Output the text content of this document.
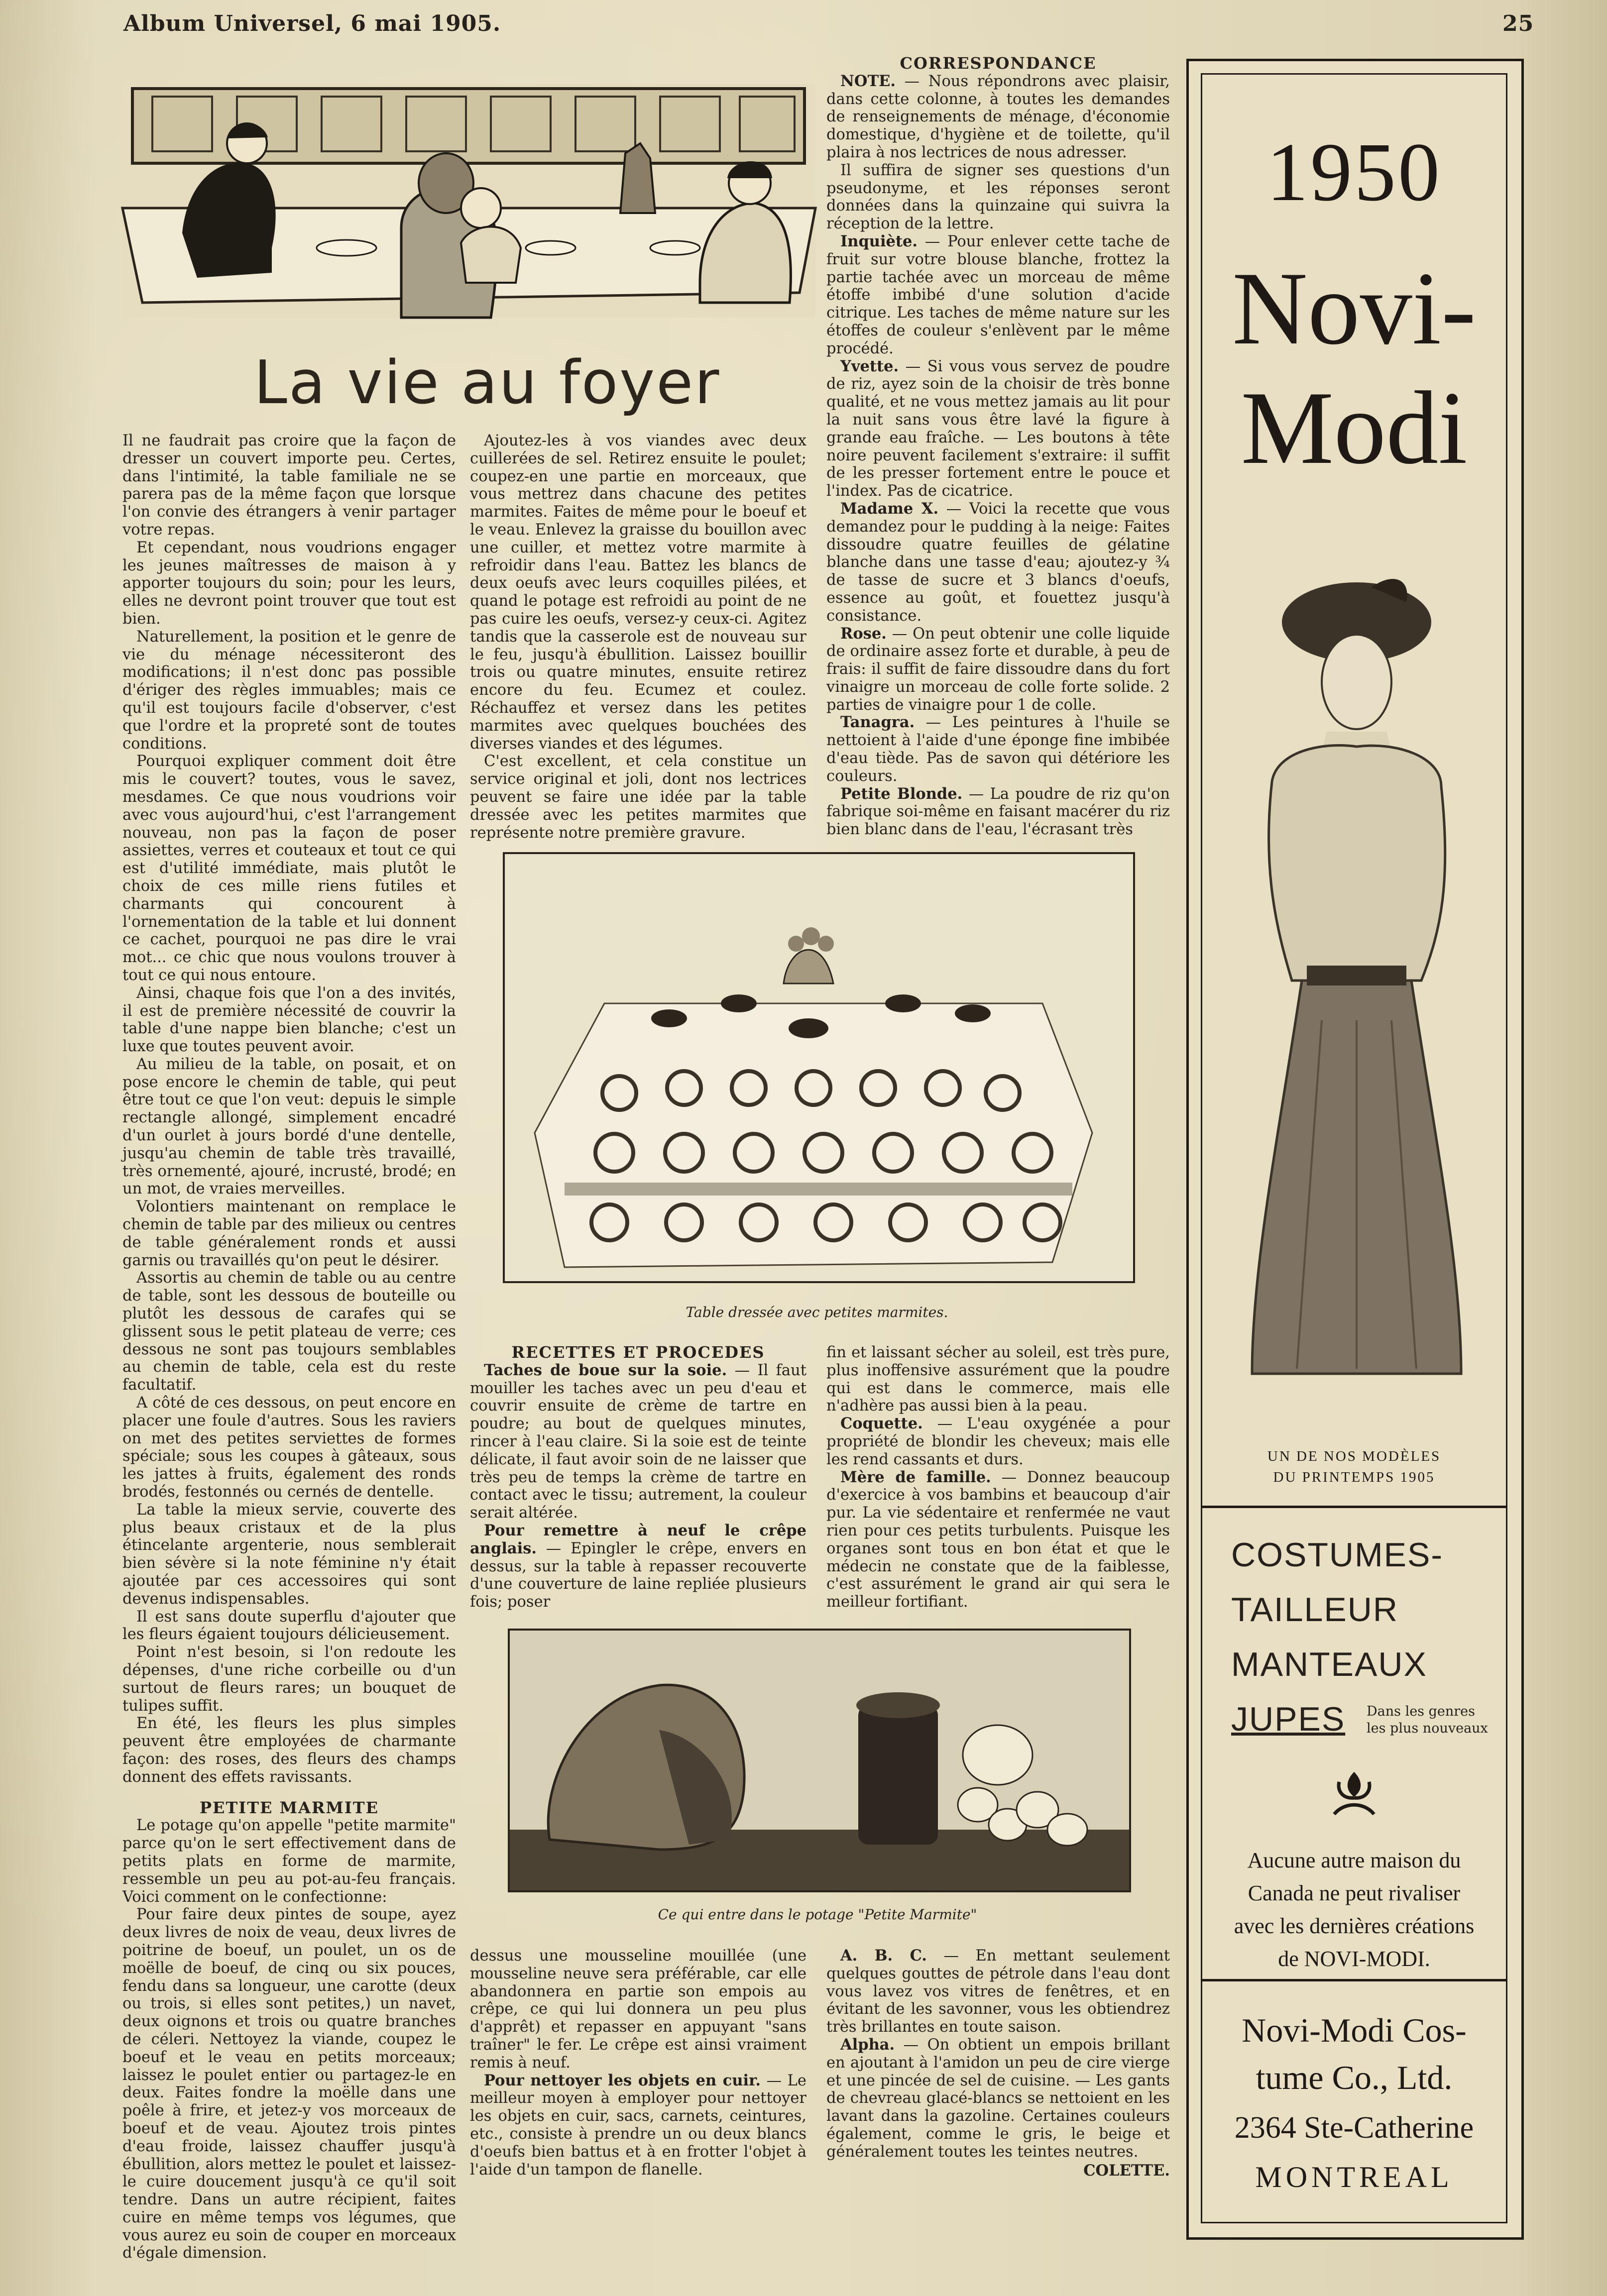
Album Universel, 6 mai 1905.	25
La vie au foyer

Il ne faudrait pas croire que la façon de dresser un couvert importe peu. Certes, dans l'intimité, la table familiale ne se parera pas de la même façon que lorsque l'on convie des étrangers à venir partager votre repas.

Et cependant, nous voudrions engager les jeunes maîtresses de maison à y apporter toujours du soin; pour les leurs, elles ne devront point trouver que tout est bien.

Naturellement, la position et le genre de vie du ménage nécessiteront des modifications; il n'est donc pas possible d'ériger des règles immuables; mais ce qu'il est toujours facile d'observer, c'est que l'ordre et la propreté sont de toutes conditions.

Pourquoi expliquer comment doit être mis le couvert? toutes, vous le savez, mesdames. Ce que nous voudrions voir avec vous aujourd'hui, c'est l'arrangement nouveau, non pas la façon de poser assiettes, verres et couteaux et tout ce qui est d'utilité immédiate, mais plutôt le choix de ces mille riens futiles et charmants qui concourent à l'ornementation de la table et lui donnent ce cachet, pourquoi ne pas dire le vrai mot... ce chic que nous voulons trouver à tout ce qui nous entoure.

Ainsi, chaque fois que l'on a des invités, il est de première nécessité de couvrir la table d'une nappe bien blanche; c'est un luxe que toutes peuvent avoir.

Au milieu de la table, on posait, et on pose encore le chemin de table, qui peut être tout ce que l'on veut: depuis le simple rectangle allongé, simplement encadré d'un ourlet à jours bordé d'une dentelle, jusqu'au chemin de table très travaillé, très ornementé, ajouré, incrusté, brodé; en un mot, de vraies merveilles.

Volontiers maintenant on remplace le chemin de table par des milieux ou centres de table généralement ronds et aussi garnis ou travaillés qu'on peut le désirer.

Assortis au chemin de table ou au centre de table, sont les dessous de bouteille ou plutôt les dessous de carafes qui se glissent sous le petit plateau de verre; ces dessous ne sont pas toujours semblables au chemin de table, cela est du reste facultatif.

A côté de ces dessous, on peut encore en placer une foule d'autres. Sous les raviers on met des petites serviettes de formes spéciale; sous les coupes à gâteaux, sous les jattes à fruits, également des ronds brodés, festonnés ou cernés de dentelle.

La table la mieux servie, couverte des plus beaux cristaux et de la plus étincelante argenterie, nous semblerait bien sévère si la note féminine n'y était ajoutée par ces accessoires qui sont devenus indispensables.

Il est sans doute superflu d'ajouter que les fleurs égaient toujours délicieusement.

Point n'est besoin, si l'on redoute les dépenses, d'une riche corbeille ou d'un surtout de fleurs rares; un bouquet de tulipes suffit.

En été, les fleurs les plus simples peuvent être employées de charmante façon: des roses, des fleurs des champs donnent des effets ravissants.

PETITE MARMITE

Le potage qu'on appelle "petite marmite" parce qu'on le sert effectivement dans de petits plats en forme de marmite, ressemble un peu au pot-au-feu français. Voici comment on le confectionne:

Pour faire deux pintes de soupe, ayez deux livres de noix de veau, deux livres de poitrine de boeuf, un poulet, un os de moëlle de boeuf, de cinq ou six pouces, fendu dans sa longueur, une carotte (deux ou trois, si elles sont petites,) un navet, deux oignons et trois ou quatre branches de céleri. Nettoyez la viande, coupez le boeuf et le veau en petits morceaux; laissez le poulet entier ou partagez-le en deux. Faites fondre la moëlle dans une poêle à frire, et jetez-y vos morceaux de boeuf et de veau. Ajoutez trois pintes d'eau froide, laissez chauffer jusqu'à ébullition, alors mettez le poulet et laissez-le cuire doucement jusqu'à ce qu'il soit tendre. Dans un autre récipient, faites cuire en même temps vos légumes, que vous aurez eu soin de couper en morceaux d'égale dimension.

Ajoutez-les à vos viandes avec deux cuillerées de sel. Retirez ensuite le poulet; coupez-en une partie en morceaux, que vous mettrez dans chacune des petites marmites. Faites de même pour le boeuf et le veau. Enlevez la graisse du bouillon avec une cuiller, et mettez votre marmite à refroidir dans l'eau. Battez les blancs de deux oeufs avec leurs coquilles pilées, et quand le potage est refroidi au point de ne pas cuire les oeufs, versez-y ceux-ci. Agitez tandis que la casserole est de nouveau sur le feu, jusqu'à ébullition. Laissez bouillir trois ou quatre minutes, ensuite retirez encore du feu. Ecumez et coulez. Réchauffez et versez dans les petites marmites avec quelques bouchées des diverses viandes et des légumes.

C'est excellent, et cela constitue un service original et joli, dont nos lectrices peuvent se faire une idée par la table dressée avec les petites marmites que représente notre première gravure.

CORRESPONDANCE

NOTE. — Nous répondrons avec plaisir, dans cette colonne, à toutes les demandes de renseignements de ménage, d'économie domestique, d'hygiène et de toilette, qu'il plaira à nos lectrices de nous adresser.

Il suffira de signer ses questions d'un pseudonyme, et les réponses seront données dans la quinzaine qui suivra la réception de la lettre.

Inquiète. — Pour enlever cette tache de fruit sur votre blouse blanche, frottez la partie tachée avec un morceau de même étoffe imbibé d'une solution d'acide citrique. Les taches de même nature sur les étoffes de couleur s'enlèvent par le même procédé.

Yvette. — Si vous vous servez de poudre de riz, ayez soin de la choisir de très bonne qualité, et ne vous mettez jamais au lit pour la nuit sans vous être lavé la figure à grande eau fraîche. — Les boutons à tête noire peuvent facilement s'extraire: il suffit de les presser fortement entre le pouce et l'index. Pas de cicatrice.

Madame X. — Voici la recette que vous demandez pour le pudding à la neige: Faites dissoudre quatre feuilles de gélatine blanche dans une tasse d'eau; ajoutez-y ¾ de tasse de sucre et 3 blancs d'oeufs, essence au goût, et fouettez jusqu'à consistance.

Rose. — On peut obtenir une colle liquide de ordinaire assez forte et durable, à peu de frais: il suffit de faire dissoudre dans du fort vinaigre un morceau de colle forte solide. 2 parties de vinaigre pour 1 de colle.

Tanagra. — Les peintures à l'huile se nettoient à l'aide d'une éponge fine imbibée d'eau tiède. Pas de savon qui détériore les couleurs.

Petite Blonde. — La poudre de riz qu'on fabrique soi-même en faisant macérer du riz bien blanc dans de l'eau, l'écrasant très

Table dressée avec petites marmites.

RECETTES ET PROCEDES

Taches de boue sur la soie. — Il faut mouiller les taches avec un peu d'eau et couvrir ensuite de crème de tartre en poudre; au bout de quelques minutes, rincer à l'eau claire. Si la soie est de teinte délicate, il faut avoir soin de ne laisser que très peu de temps la crème de tartre en contact avec le tissu; autrement, la couleur serait altérée.

Pour remettre à neuf le crêpe anglais. — Epingler le crêpe, envers en dessus, sur la table à repasser recouverte d'une couverture de laine repliée plusieurs fois; poser

fin et laissant sécher au soleil, est très pure, plus inoffensive assurément que la poudre qui est dans le commerce, mais elle n'adhère pas aussi bien à la peau.

Coquette. — L'eau oxygénée a pour propriété de blondir les cheveux; mais elle les rend cassants et durs.

Mère de famille. — Donnez beaucoup d'exercice à vos bambins et beaucoup d'air pur. La vie sédentaire et renfermée ne vaut rien pour ces petits turbulents. Puisque les organes sont tous en bon état et que le médecin ne constate que de la faiblesse, c'est assurément le grand air qui sera le meilleur fortifiant.

Ce qui entre dans le potage "Petite Marmite"

dessus une mousseline mouillée (une mousseline neuve sera préférable, car elle abandonnera en partie son empois au crêpe, ce qui lui donnera un peu plus d'apprêt) et repasser en appuyant "sans traîner" le fer. Le crêpe est ainsi vraiment remis à neuf.

Pour nettoyer les objets en cuir. — Le meilleur moyen à employer pour nettoyer les objets en cuir, sacs, carnets, ceintures, etc., consiste à prendre un ou deux blancs d'oeufs bien battus et à en frotter l'objet à l'aide d'un tampon de flanelle.

A. B. C. — En mettant seulement quelques gouttes de pétrole dans l'eau dont vous lavez vos vitres de fenêtres, et en évitant de les savonner, vous les obtiendrez très brillantes en toute saison.

Alpha. — On obtient un empois brillant en ajoutant à l'amidon un peu de cire vierge et une pincée de sel de cuisine. — Les gants de chevreau glacé-blancs se nettoient en les lavant dans la gazoline. Certaines couleurs également, comme le gris, le beige et généralement toutes les teintes neutres.

COLETTE.
1950
Novi-
Modi
UN DE NOS MODÈLES
DU PRINTEMPS 1905
COSTUMES-
TAILLEUR
MANTEAUX
JUPES Dans les genres
les plus nouveaux
Aucune autre maison du Canada ne peut rivaliser avec les dernières créations de NOVI-MODI.
Novi-Modi Cos-
tume Co., Ltd.
2364 Ste-Catherine
MONTREAL
